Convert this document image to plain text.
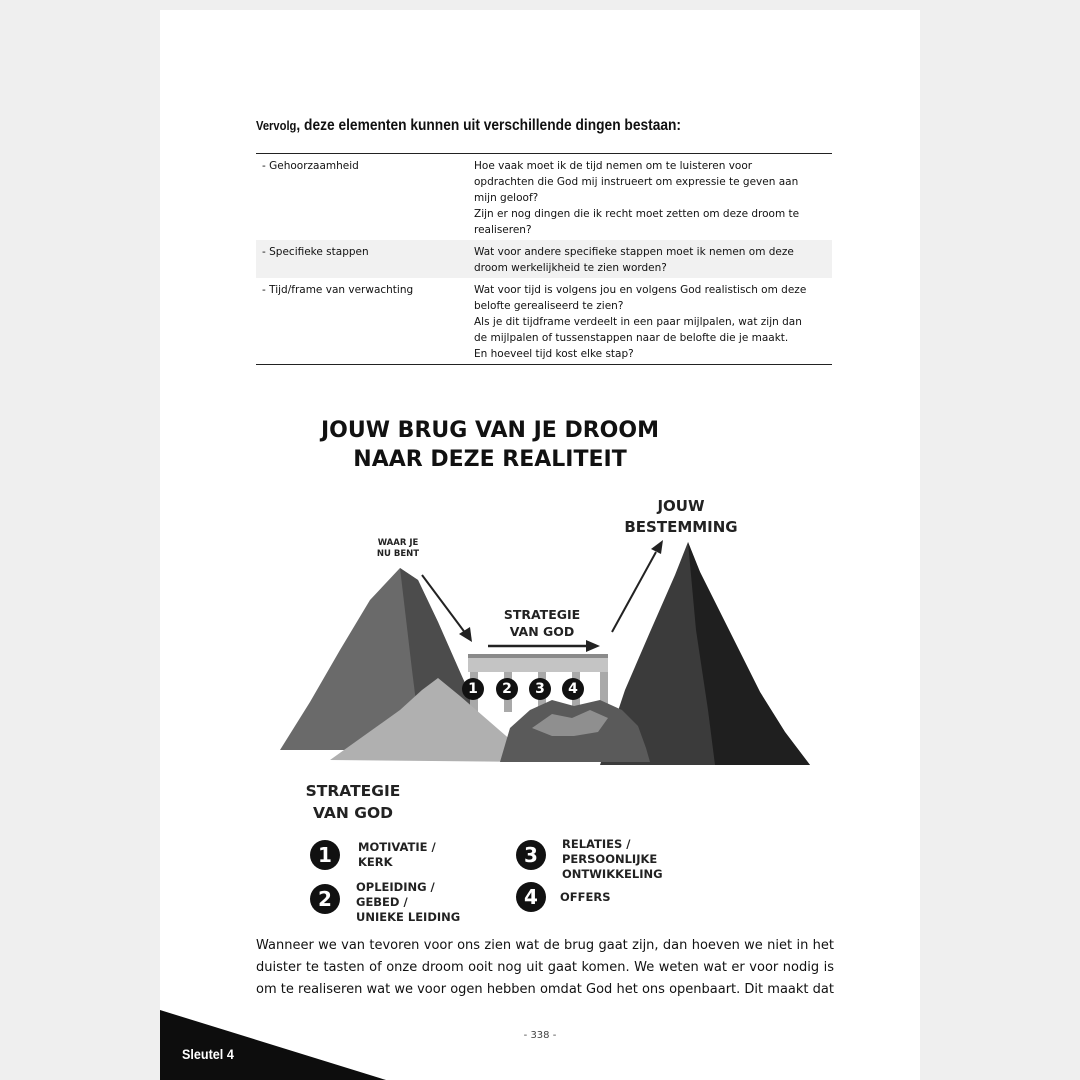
Vervolg, deze elementen kunnen uit verschillende dingen bestaan:
- Gehoorzaamheid	Hoe vaak moet ik de tijd nemen om te luisteren voor
opdrachten die God mij instrueert om expressie te geven aan
mijn geloof?
Zijn er nog dingen die ik recht moet zetten om deze droom te
realiseren?
- Specifieke stappen	Wat voor andere specifieke stappen moet ik nemen om deze
droom werkelijkheid te zien worden?
- Tijd/frame van verwachting	Wat voor tijd is volgens jou en volgens God realistisch om deze
belofte gerealiseerd te zien?
Als je dit tijdframe verdeelt in een paar mijlpalen, wat zijn dan
de mijlpalen of tussenstappen naar de belofte die je maakt.
En hoeveel tijd kost elke stap?
JOUW BRUG VAN JE DROOM
NAAR DEZE REALITEIT
JOUW
BESTEMMING
WAAR JE
NU BENT
STRATEGIE
VAN GOD
1	2	3	4
STRATEGIE
VAN GOD
1	MOTIVATIE /
KERK
2	OPLEIDING /
GEBED /
UNIEKE LEIDING
3	RELATIES /
PERSOONLIJKE
ONTWIKKELING
4	OFFERS
Wanneer we van tevoren voor ons zien wat de brug gaat zijn, dan hoeven we niet in het
duister te tasten of onze droom ooit nog uit gaat komen. We weten wat er voor nodig is
om te realiseren wat we voor ogen hebben omdat God het ons openbaart. Dit maakt dat
- 338 -
Sleutel 4
